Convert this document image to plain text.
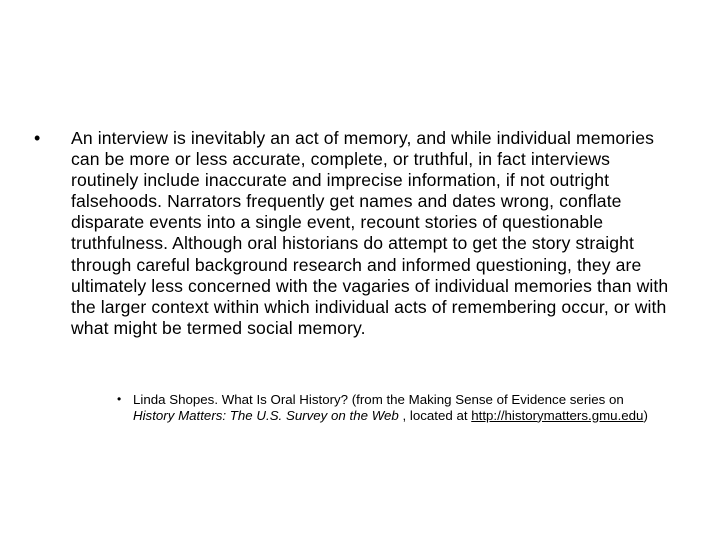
•	An interview is inevitably an act of memory, and while individual memories can be more or less accurate, complete, or truthful, in fact interviews routinely include inaccurate and imprecise information, if not outright falsehoods. Narrators frequently get names and dates wrong, conflate disparate events into a single event, recount stories of questionable truthfulness. Although oral historians do attempt to get the story straight through careful background research and informed questioning, they are ultimately less concerned with the vagaries of individual memories than with the larger context within which individual acts of remembering occur, or with what might be termed social memory.
• Linda Shopes. What Is Oral History? (from the Making Sense of Evidence series on History Matters: The U.S. Survey on the Web , located at http://historymatters.gmu.edu)
